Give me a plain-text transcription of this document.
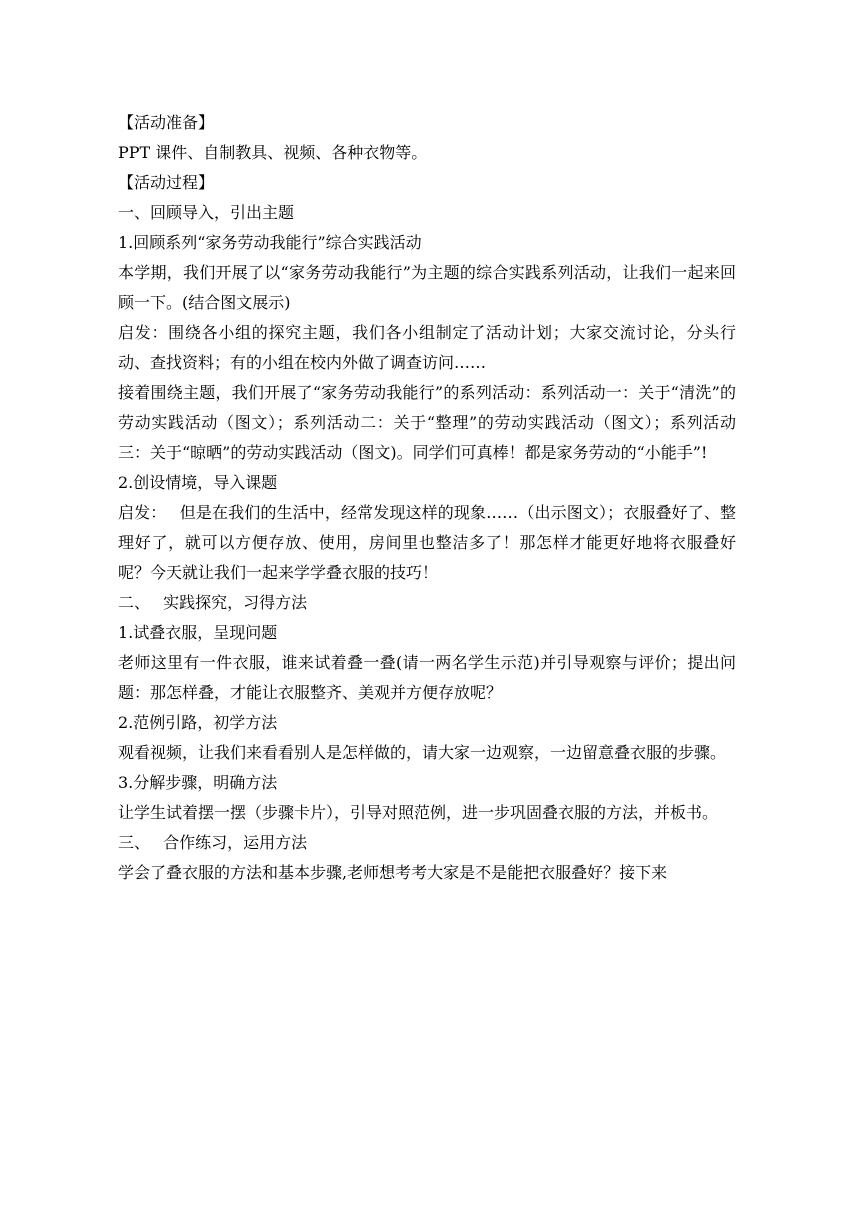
【活动准备】

PPT 课件、自制教具、视频、各种衣物等。

【活动过程】

一、回顾导入，引出主题

1.回顾系列“家务劳动我能行”综合实践活动

本学期，我们开展了以“家务劳动我能行”为主题的综合实践系列活动，让我们一起来回顾一下。(结合图文展示)

启发：围绕各小组的探究主题，我们各小组制定了活动计划；大家交流讨论，分头行动、查找资料；有的小组在校内外做了调查访问……

接着围绕主题，我们开展了“家务劳动我能行”的系列活动：系列活动一：关于“清洗”的劳动实践活动（图文）；系列活动二：关于“整理”的劳动实践活动（图文）；系列活动三：关于“晾晒”的劳动实践活动（图文)。同学们可真棒！都是家务劳动的“小能手”!

2.创设情境，导入课题

启发：　 但是在我们的生活中，经常发现这样的现象……（出示图文）；衣服叠好了、整理好了，就可以方便存放、使用，房间里也整洁多了！那怎样才能更好地将衣服叠好呢？今天就让我们一起来学学叠衣服的技巧！

二、　 实践探究，习得方法

1.试叠衣服，呈现问题

老师这里有一件衣服，谁来试着叠一叠(请一两名学生示范)并引导观察与评价；提出问题：那怎样叠，才能让衣服整齐、美观并方便存放呢？

2.范例引路，初学方法

观看视频，让我们来看看别人是怎样做的，请大家一边观察，一边留意叠衣服的步骤。

3.分解步骤，明确方法

让学生试着摆一摆（步骤卡片），引导对照范例，进一步巩固叠衣服的方法，并板书。

三、　 合作练习，运用方法

学会了叠衣服的方法和基本步骤,老师想考考大家是不是能把衣服叠好？接下来
